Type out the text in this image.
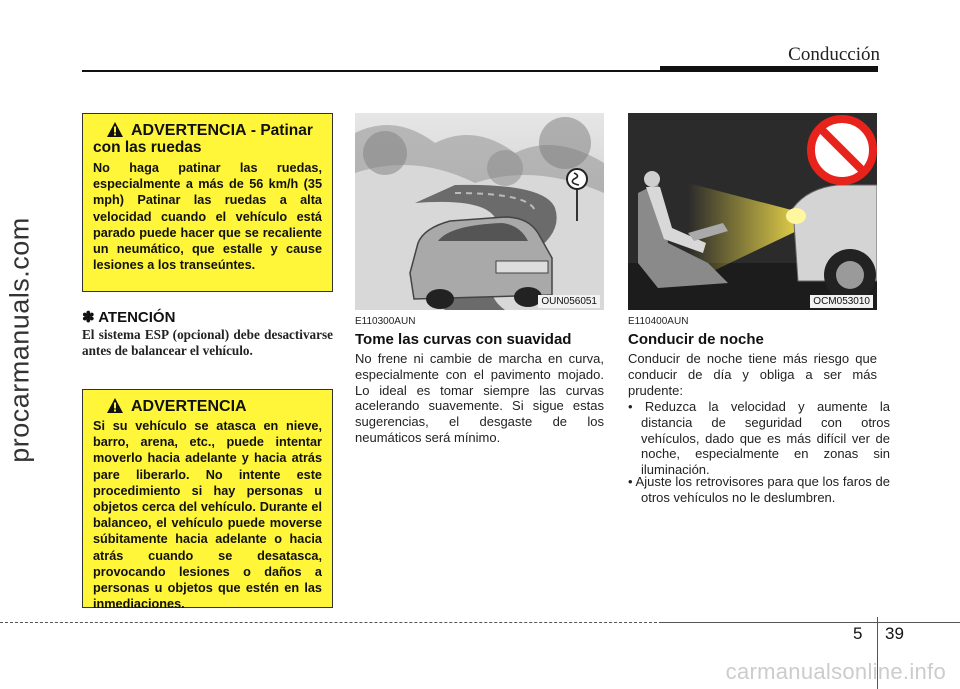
Conducción
procarmanuals.com
ADVERTENCIA - Patinar
con las ruedas
No haga patinar las ruedas, especialmente a más de 56 km/h (35 mph) Patinar las ruedas a alta velocidad cuando el vehículo está parado puede hacer que se recaliente un neumático, que estalle y cause lesiones a los transeúntes.
✽ ATENCIÓN
El sistema ESP (opcional) debe desactivarse antes de balancear el vehículo.
ADVERTENCIA
Si su vehículo se atasca en nieve, barro, arena, etc., puede intentar moverlo hacia adelante y hacia atrás pare liberarlo. No intente este procedimiento si hay personas u objetos cerca del vehículo. Durante el balanceo, el vehículo puede moverse súbitamente hacia adelante o hacia atrás cuando se desatasca, provocando lesiones o daños a personas u objetos que estén en las inmediaciones.
OUN056051
E110300AUN
Tome las curvas con suavidad
No frene ni cambie de marcha en curva, especialmente con el pavimento mojado. Lo ideal es tomar siempre las curvas acelerando suavemente. Si sigue estas sugerencias, el desgaste de los neumáticos será mínimo.
OCM053010
E110400AUN
Conducir de noche
Conducir de noche tiene más riesgo que conducir de día y obliga a ser más prudente:
• Reduzca la velocidad y aumente la distancia de seguridad con otros vehículos, dado que es más difícil ver de noche, especialmente en zonas sin iluminación.
• Ajuste los retrovisores para que los faros de otros vehículos no le deslumbren.
5 39
carmanualsonline.info
